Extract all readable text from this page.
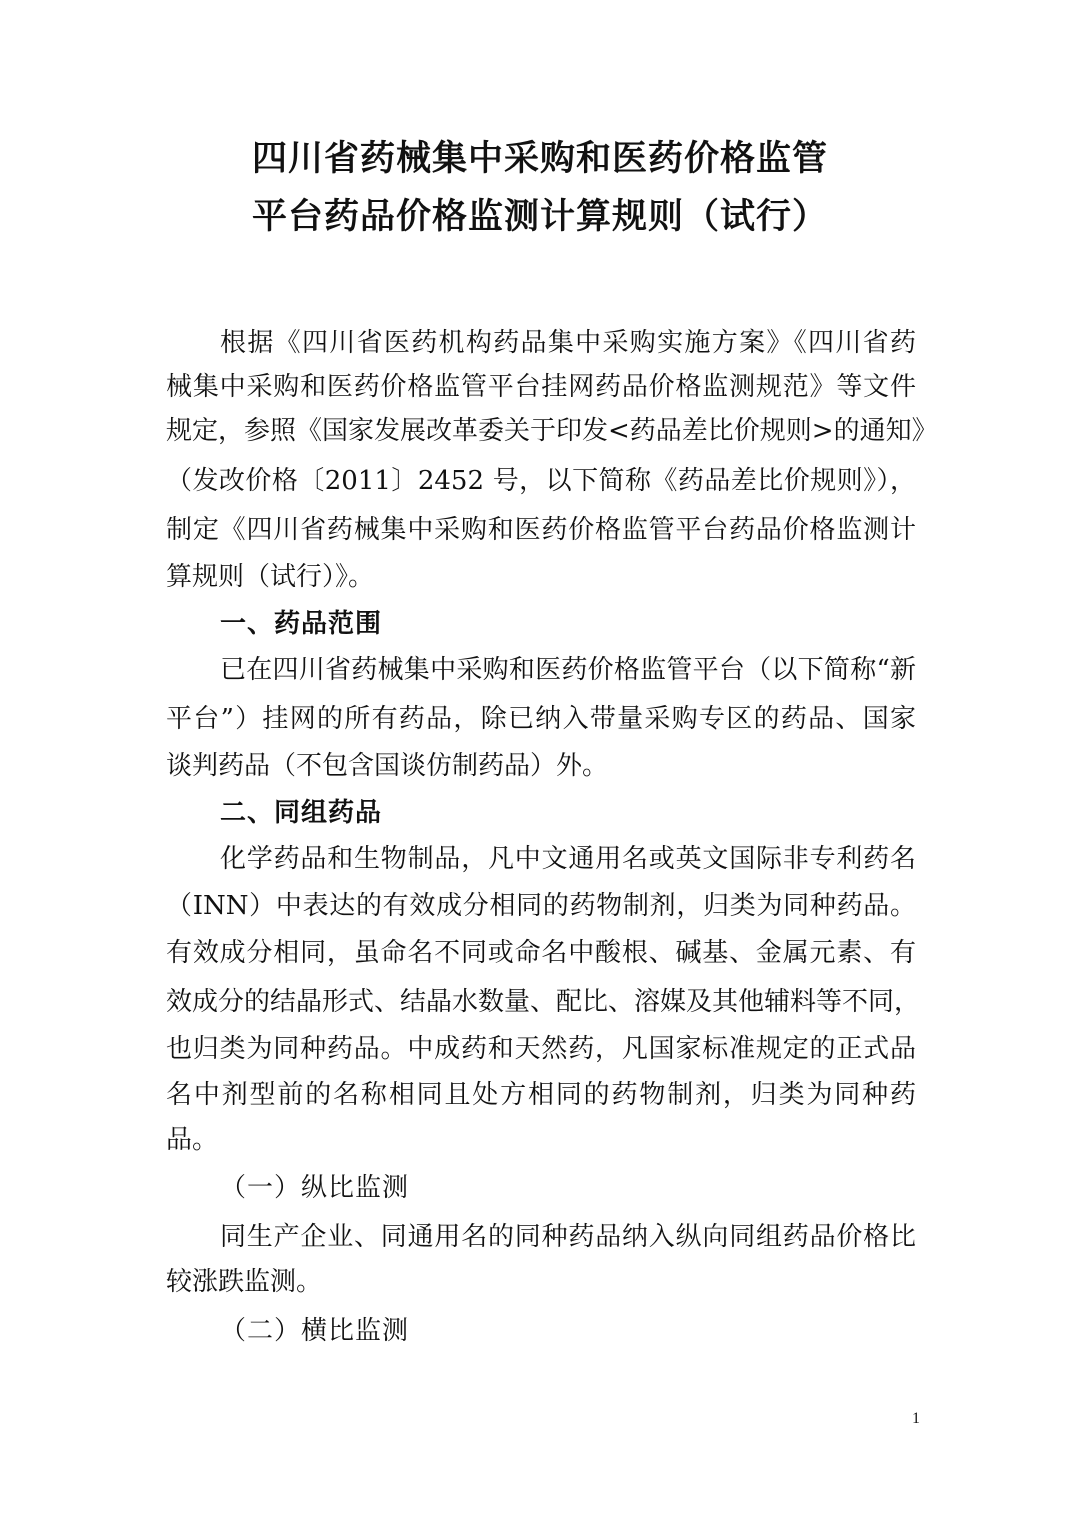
四川省药械集中采购和医药价格监管
平台药品价格监测计算规则（试行）
根据《四川省医药机构药品集中采购实施方案》《四川省药
械集中采购和医药价格监管平台挂网药品价格监测规范》等文件
规定，参照《国家发展改革委关于印发<药品差比价规则>的通知》
（发改价格〔2011〕2452 号，以下简称《药品差比价规则》），
制定《四川省药械集中采购和医药价格监管平台药品价格监测计
算规则（试行）》。
一、药品范围
已在四川省药械集中采购和医药价格监管平台（以下简称“新
平台”）挂网的所有药品，除已纳入带量采购专区的药品、国家
谈判药品（不包含国谈仿制药品）外。
二、同组药品
化学药品和生物制品，凡中文通用名或英文国际非专利药名
（INN）中表达的有效成分相同的药物制剂，归类为同种药品。
有效成分相同，虽命名不同或命名中酸根、碱基、金属元素、有
效成分的结晶形式、结晶水数量、配比、溶媒及其他辅料等不同，
也归类为同种药品。中成药和天然药，凡国家标准规定的正式品
名中剂型前的名称相同且处方相同的药物制剂，归类为同种药
品。
（一）纵比监测
同生产企业、同通用名的同种药品纳入纵向同组药品价格比
较涨跌监测。
（二）横比监测
1
